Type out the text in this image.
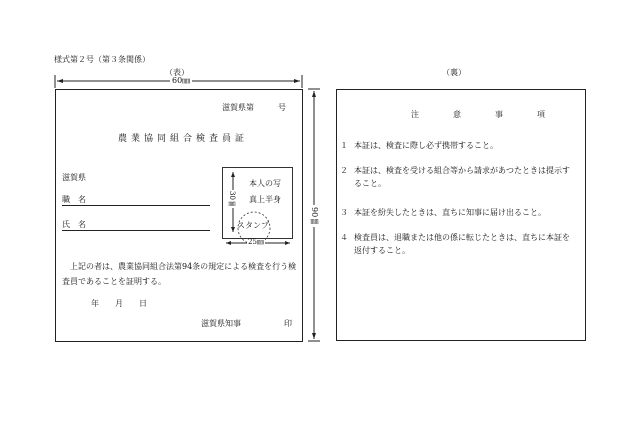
様式第２号（第３条関係）
（表）	（裏）
60㎜
90㎜
滋賀県第　　　号
農業協同組合検査員証
滋賀県
職　名
氏　名
本人の写
真上半身
30㎜
スタンプ
25㎜
上記の者は、農業協同組合法第94条の規定による検査を行う検査員であることを証明する。
年　　月　　日
滋賀県知事	印
注　意　事　項
１ 本証は、検査に際し必ず携帯すること。
２ 本証は、検査を受ける組合等から請求があつたときは提示すること。
３ 本証を紛失したときは、直ちに知事に届け出ること。
４ 検査員は、退職または他の係に転じたときは、直ちに本証を返付すること。
